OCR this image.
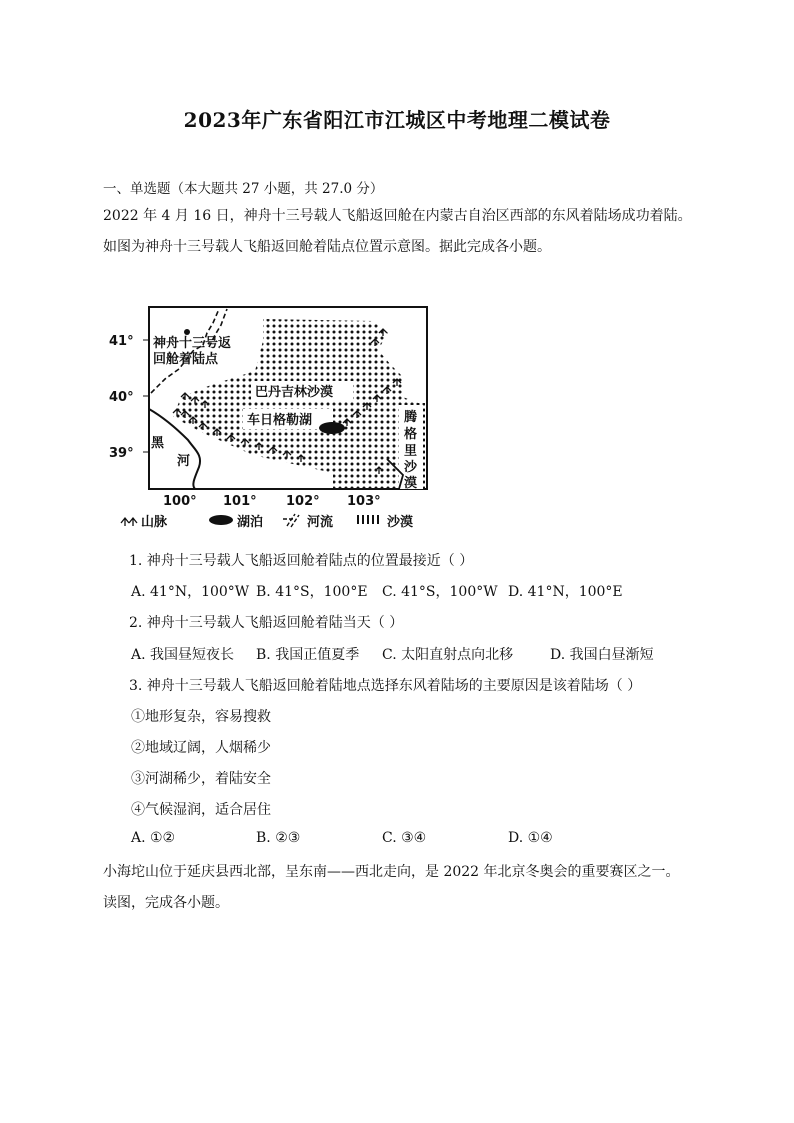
2023年广东省阳江市江城区中考地理二模试卷
一、单选题（本大题共 27 小题，共 27.0 分）
2022 年 4 月 16 日，神舟十三号载人飞船返回舱在内蒙古自治区西部的东风着陆场成功着陆。如图为神舟十三号载人飞船返回舱着陆点位置示意图。据此完成各小题。
神舟十三号返
回舱着陆点
巴丹吉林沙漠
车日格勒湖
黑
河
腾
格
里
沙
漠
41°
40°
39°
100° 101° 102° 103°
山脉	湖泊	河流	沙漠
1. 神舟十三号载人飞船返回舱着陆点的位置最接近（ ）
A. 41°N，100°W B. 41°S，100°E C. 41°S，100°W D. 41°N，100°E
2. 神舟十三号载人飞船返回舱着陆当天（ ）
A. 我国昼短夜长 B. 我国正值夏季 C. 太阳直射点向北移	D. 我国白昼渐短
3. 神舟十三号载人飞船返回舱着陆地点选择东风着陆场的主要原因是该着陆场（ ）
①地形复杂，容易搜救
②地域辽阔，人烟稀少
③河湖稀少，着陆安全
④气候湿润，适合居住
A. ①②	B. ②③	C. ③④	D. ①④
小海坨山位于延庆县西北部，呈东南——西北走向，是 2022 年北京冬奥会的重要赛区之一。读图，完成各小题。
